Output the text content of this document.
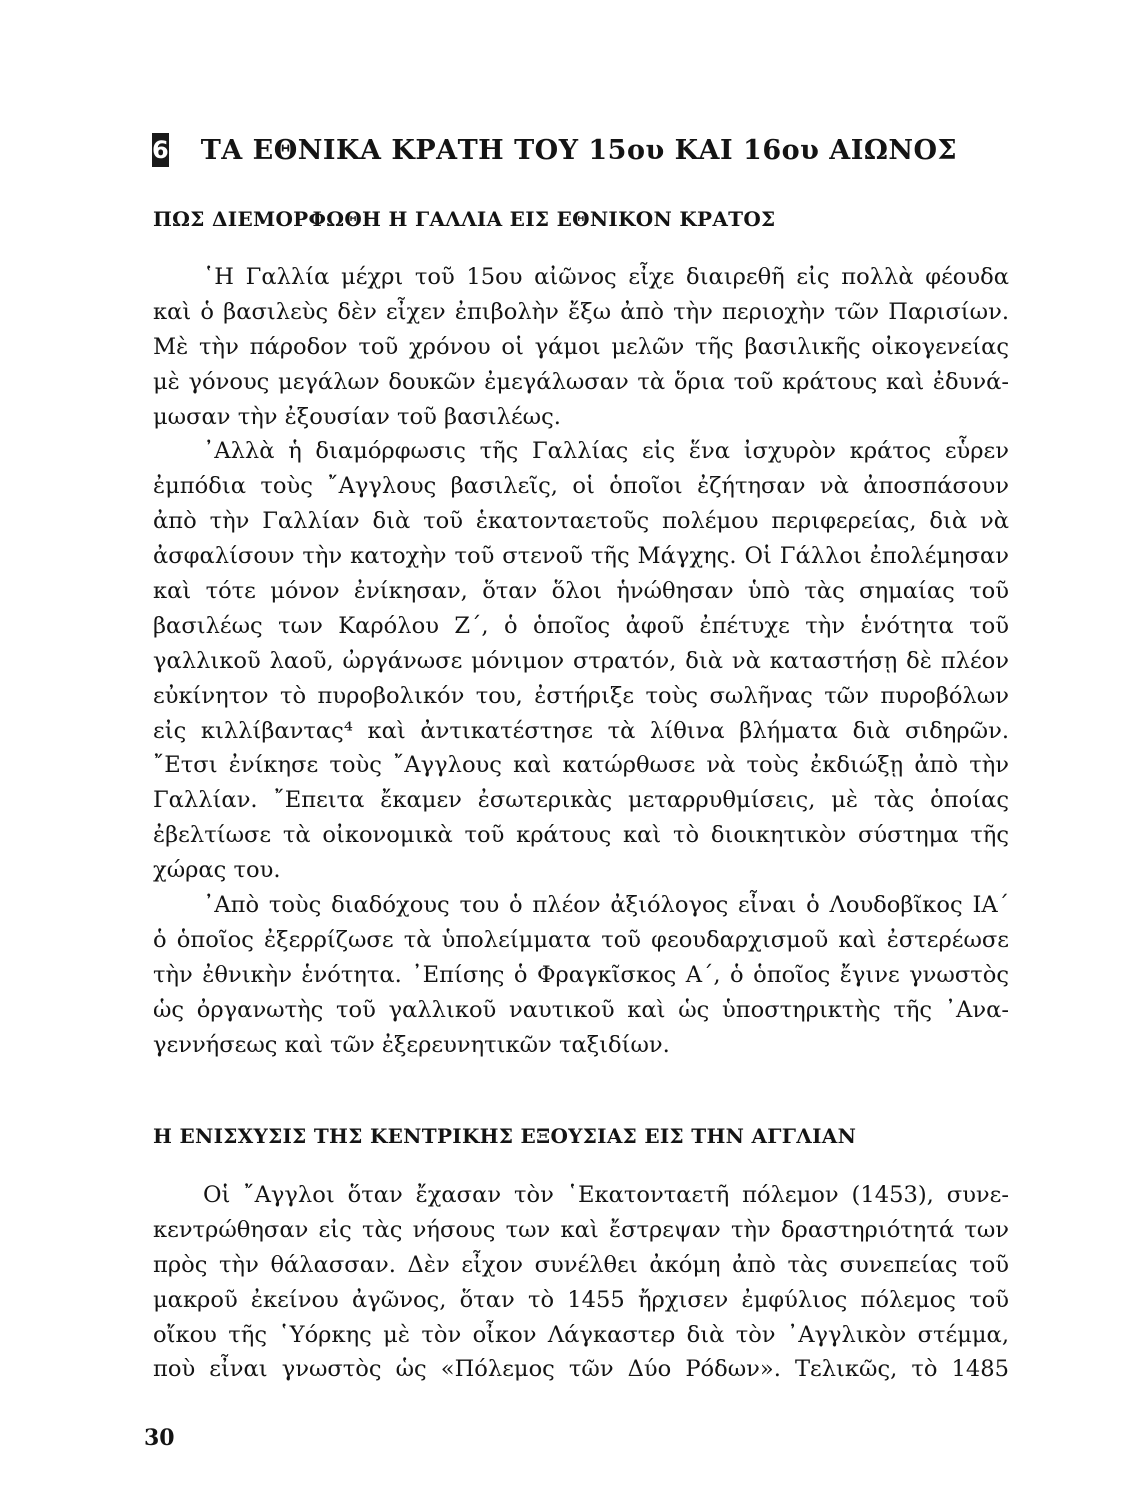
6 ΤΑ ΕΘΝΙΚΑ ΚΡΑΤΗ ΤΟΥ 15ου ΚΑΙ 16ου ΑΙΩΝΟΣ
ΠΩΣ ΔΙΕΜΟΡΦΩΘΗ Η ΓΑΛΛΙΑ ΕΙΣ ΕΘΝΙΚΟΝ ΚΡΑΤΟΣ
῾Η Γαλλία μέχρι τοῦ 15ου αἰῶνος εἶχε διαιρεθῆ εἰς πολλὰ φέουδα
καὶ ὁ βασιλεὺς δὲν εἶχεν ἐπιβολὴν ἔξω ἀπὸ τὴν περιοχὴν τῶν Παρισίων.
Μὲ τὴν πάροδον τοῦ χρόνου οἱ γάμοι μελῶν τῆς βασιλικῆς οἰκογενείας
μὲ γόνους μεγάλων δουκῶν ἐμεγάλωσαν τὰ ὅρια τοῦ κράτους καὶ ἐδυνά-
μωσαν τὴν ἐξουσίαν τοῦ βασιλέως.
᾿Αλλὰ ἡ διαμόρφωσις τῆς Γαλλίας εἰς ἕνα ἰσχυρὸν κράτος εὗρεν
ἐμπόδια τοὺς ῎Αγγλους βασιλεῖς, οἱ ὁποῖοι ἐζήτησαν νὰ ἀποσπάσουν
ἀπὸ τὴν Γαλλίαν διὰ τοῦ ἑκατονταετοῦς πολέμου περιφερείας, διὰ νὰ
ἀσφαλίσουν τὴν κατοχὴν τοῦ στενοῦ τῆς Μάγχης. Οἱ Γάλλοι ἐπολέμησαν
καὶ τότε μόνον ἐνίκησαν, ὅταν ὅλοι ἡνώθησαν ὑπὸ τὰς σημαίας τοῦ
βασιλέως των Καρόλου Ζ΄, ὁ ὁποῖος ἀφοῦ ἐπέτυχε τὴν ἑνότητα τοῦ
γαλλικοῦ λαοῦ, ὠργάνωσε μόνιμον στρατόν, διὰ νὰ καταστήσῃ δὲ πλέον
εὐκίνητον τὸ πυροβολικόν του, ἐστήριξε τοὺς σωλῆνας τῶν πυροβόλων
εἰς κιλλίβαντας⁴ καὶ ἀντικατέστησε τὰ λίθινα βλήματα διὰ σιδηρῶν.
῎Ετσι ἐνίκησε τοὺς ῎Αγγλους καὶ κατώρθωσε νὰ τοὺς ἐκδιώξῃ ἀπὸ τὴν
Γαλλίαν. ῎Επειτα ἔκαμεν ἐσωτερικὰς μεταρρυθμίσεις, μὲ τὰς ὁποίας
ἐβελτίωσε τὰ οἰκονομικὰ τοῦ κράτους καὶ τὸ διοικητικὸν σύστημα τῆς
χώρας του.
᾿Απὸ τοὺς διαδόχους του ὁ πλέον ἀξιόλογος εἶναι ὁ Λουδοβῖκος ΙΑ΄
ὁ ὁποῖος ἐξερρίζωσε τὰ ὑπολείμματα τοῦ φεουδαρχισμοῦ καὶ ἐστερέωσε
τὴν ἐθνικὴν ἑνότητα. ᾿Επίσης ὁ Φραγκῖσκος Α΄, ὁ ὁποῖος ἔγινε γνωστὸς
ὡς ὀργανωτὴς τοῦ γαλλικοῦ ναυτικοῦ καὶ ὡς ὑποστηρικτὴς τῆς ᾿Ανα-
γεννήσεως καὶ τῶν ἐξερευνητικῶν ταξιδίων.
Η ΕΝΙΣΧΥΣΙΣ ΤΗΣ ΚΕΝΤΡΙΚΗΣ ΕΞΟΥΣΙΑΣ ΕΙΣ ΤΗΝ ΑΓΓΛΙΑΝ
Οἱ ῎Αγγλοι ὅταν ἔχασαν τὸν ῾Εκατονταετῆ πόλεμον (1453), συνε-
κεντρώθησαν εἰς τὰς νήσους των καὶ ἔστρεψαν τὴν δραστηριότητά των
πρὸς τὴν θάλασσαν. Δὲν εἶχον συνέλθει ἀκόμη ἀπὸ τὰς συνεπείας τοῦ
μακροῦ ἐκείνου ἀγῶνος, ὅταν τὸ 1455 ἤρχισεν ἐμφύλιος πόλεμος τοῦ
οἴκου τῆς ῾Υόρκης μὲ τὸν οἶκον Λάγκαστερ διὰ τὸν ᾿Αγγλικὸν στέμμα,
ποὺ εἶναι γνωστὸς ὡς «Πόλεμος τῶν Δύο Ρόδων». Τελικῶς, τὸ 1485
30
